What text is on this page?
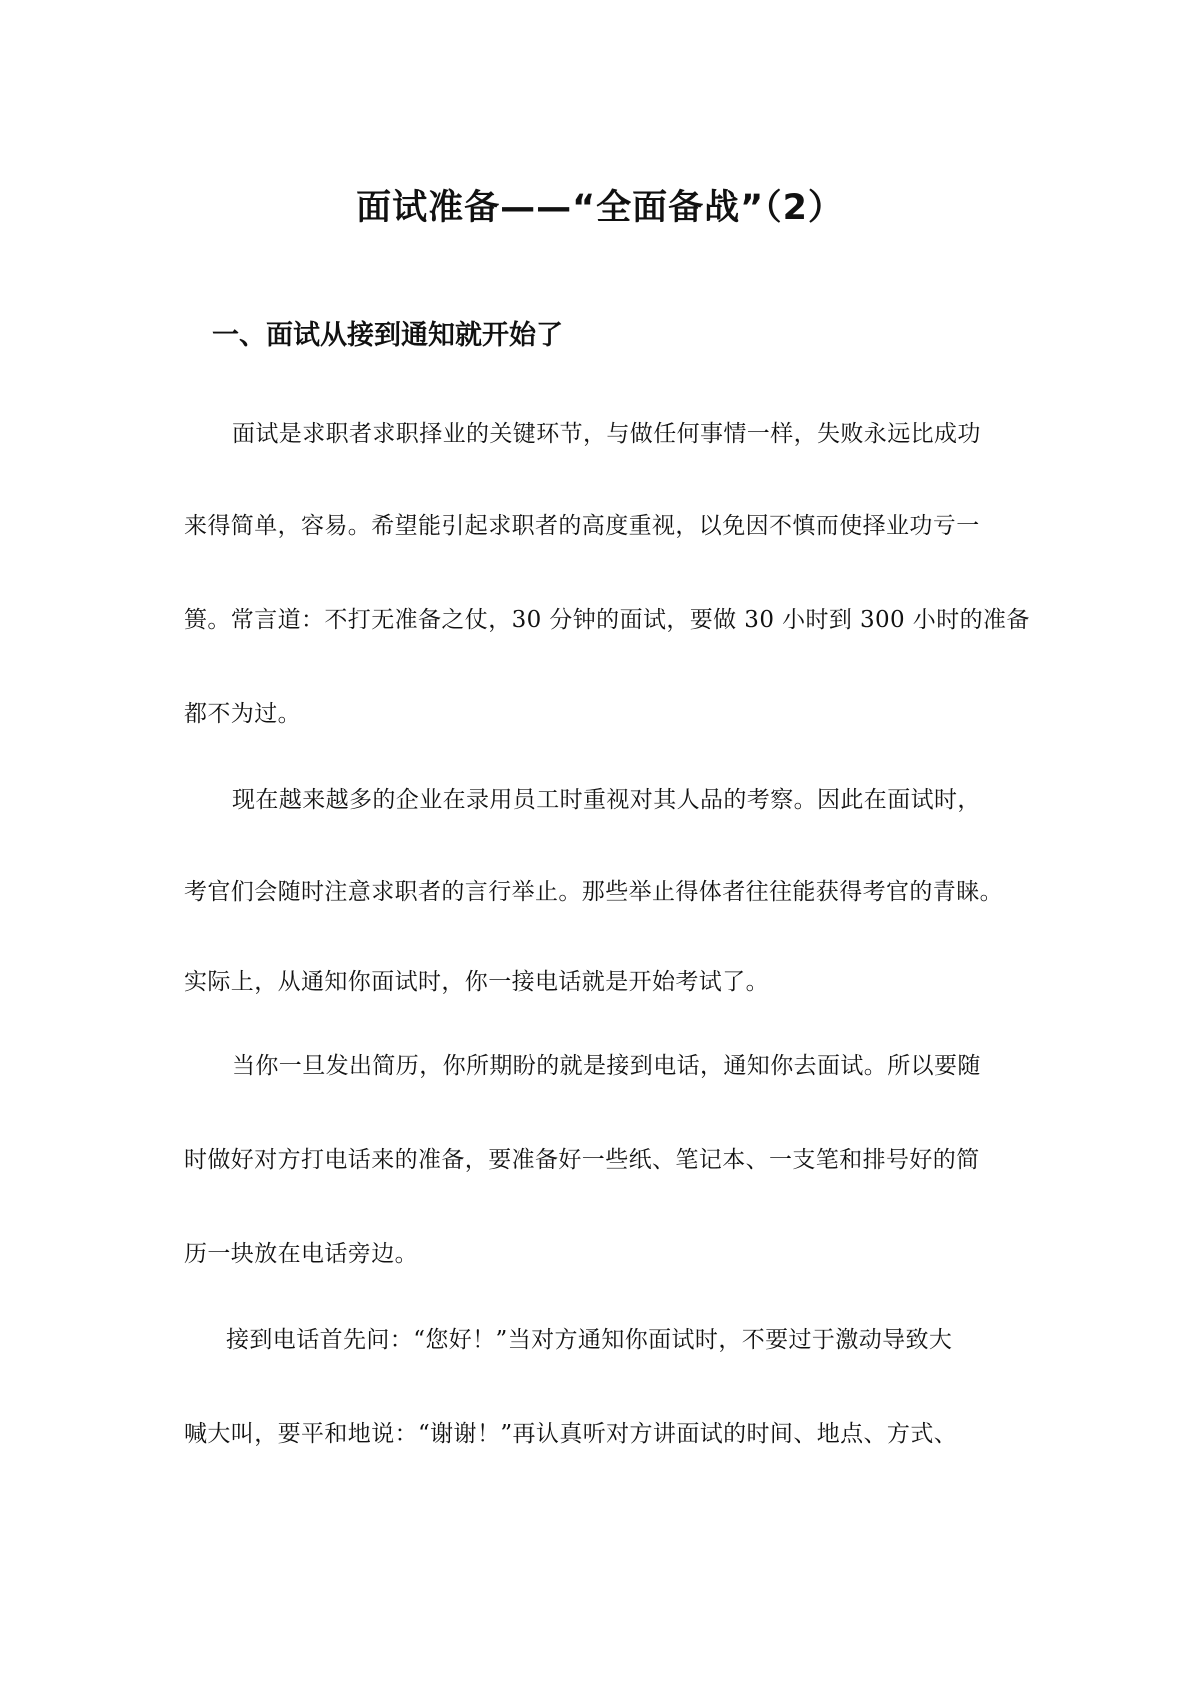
面试准备——“全面备战”（2）
一、面试从接到通知就开始了

面试是求职者求职择业的关键环节，与做任何事情一样，失败永远比成功

来得简单，容易。希望能引起求职者的高度重视，以免因不慎而使择业功亏一

篑。常言道：不打无准备之仗，30 分钟的面试，要做 30 小时到 300 小时的准备

都不为过。

现在越来越多的企业在录用员工时重视对其人品的考察。因此在面试时，

考官们会随时注意求职者的言行举止。那些举止得体者往往能获得考官的青睐。

实际上，从通知你面试时，你一接电话就是开始考试了。

当你一旦发出简历，你所期盼的就是接到电话，通知你去面试。所以要随

时做好对方打电话来的准备，要准备好一些纸、笔记本、一支笔和排号好的简

历一块放在电话旁边。

接到电话首先问：“您好！”当对方通知你面试时，不要过于激动导致大

喊大叫，要平和地说：“谢谢！”再认真听对方讲面试的时间、地点、方式、
